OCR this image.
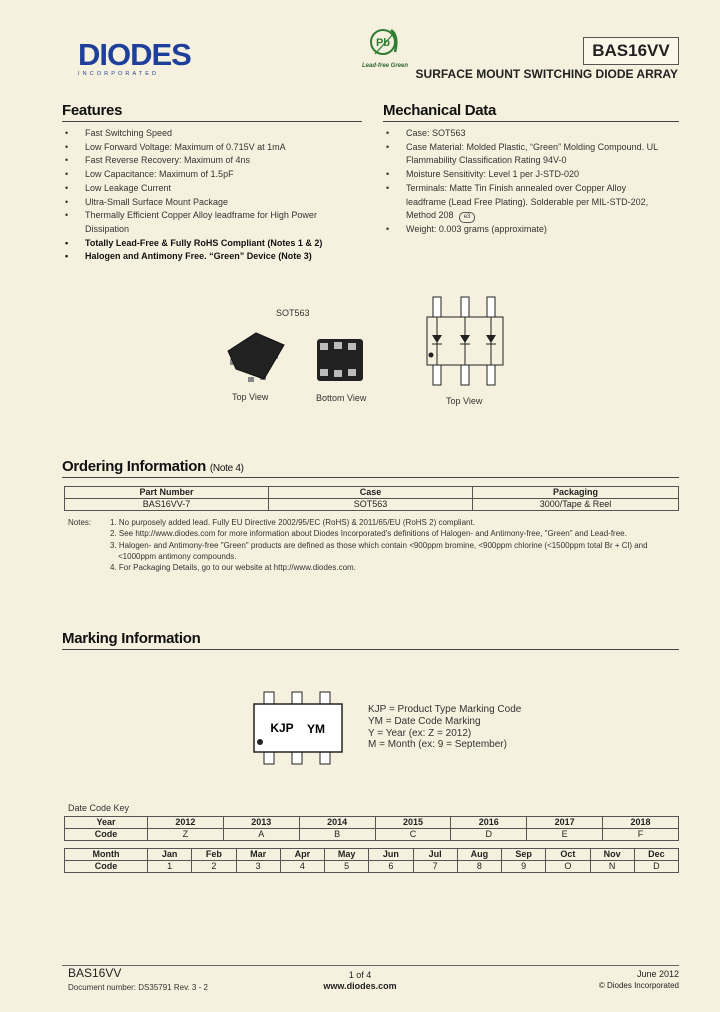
DIODES
INCORPORATED
Pb
Lead-free Green
BAS16VV
SURFACE MOUNT SWITCHING DIODE ARRAY
Features
• Fast Switching Speed
• Low Forward Voltage: Maximum of 0.715V at 1mA
• Fast Reverse Recovery: Maximum of 4ns
• Low Capacitance: Maximum of 1.5pF
• Low Leakage Current
• Ultra-Small Surface Mount Package
• Thermally Efficient Copper Alloy leadframe for High Power Dissipation
• Totally Lead-Free & Fully RoHS Compliant (Notes 1 & 2)
• Halogen and Antimony Free. “Green” Device (Note 3)
Mechanical Data
• Case: SOT563
• Case Material: Molded Plastic, “Green” Molding Compound. UL Flammability Classification Rating 94V-0
• Moisture Sensitivity: Level 1 per J-STD-020
• Terminals: Matte Tin Finish annealed over Copper Alloy leadframe (Lead Free Plating). Solderable per MIL-STD-202, Method 208 e3
• Weight: 0.003 grams (approximate)
SOT563
Top View	Bottom View	Top View
Ordering Information (Note 4)
Part Number	Case	Packaging
BAS16VV-7	SOT563	3000/Tape & Reel
Notes: 1. No purposely added lead. Fully EU Directive 2002/95/EC (RoHS) & 2011/65/EU (RoHS 2) compliant.
2. See http://www.diodes.com for more information about Diodes Incorporated's definitions of Halogen- and Antimony-free, "Green" and Lead-free.
3. Halogen- and Antimony-free "Green" products are defined as those which contain <900ppm bromine, <900ppm chlorine (<1500ppm total Br + Cl) and
<1000ppm antimony compounds.
4. For Packaging Details, go to our website at http://www.diodes.com.
Marking Information
KJP YM
KJP = Product Type Marking Code
YM = Date Code Marking
Y = Year (ex: Z = 2012)
M = Month (ex: 9 = September)
Date Code Key
Year	2012	2013	2014	2015	2016	2017	2018
Code	Z	A	B	C	D	E	F
Month	Jan	Feb	Mar	Apr	May	Jun	Jul	Aug	Sep	Oct	Nov	Dec
Code	1	2	3	4	5	6	7	8	9	O	N	D
BAS16VV
Document number: DS35791 Rev. 3 - 2
1 of 4
www.diodes.com
June 2012
© Diodes Incorporated
